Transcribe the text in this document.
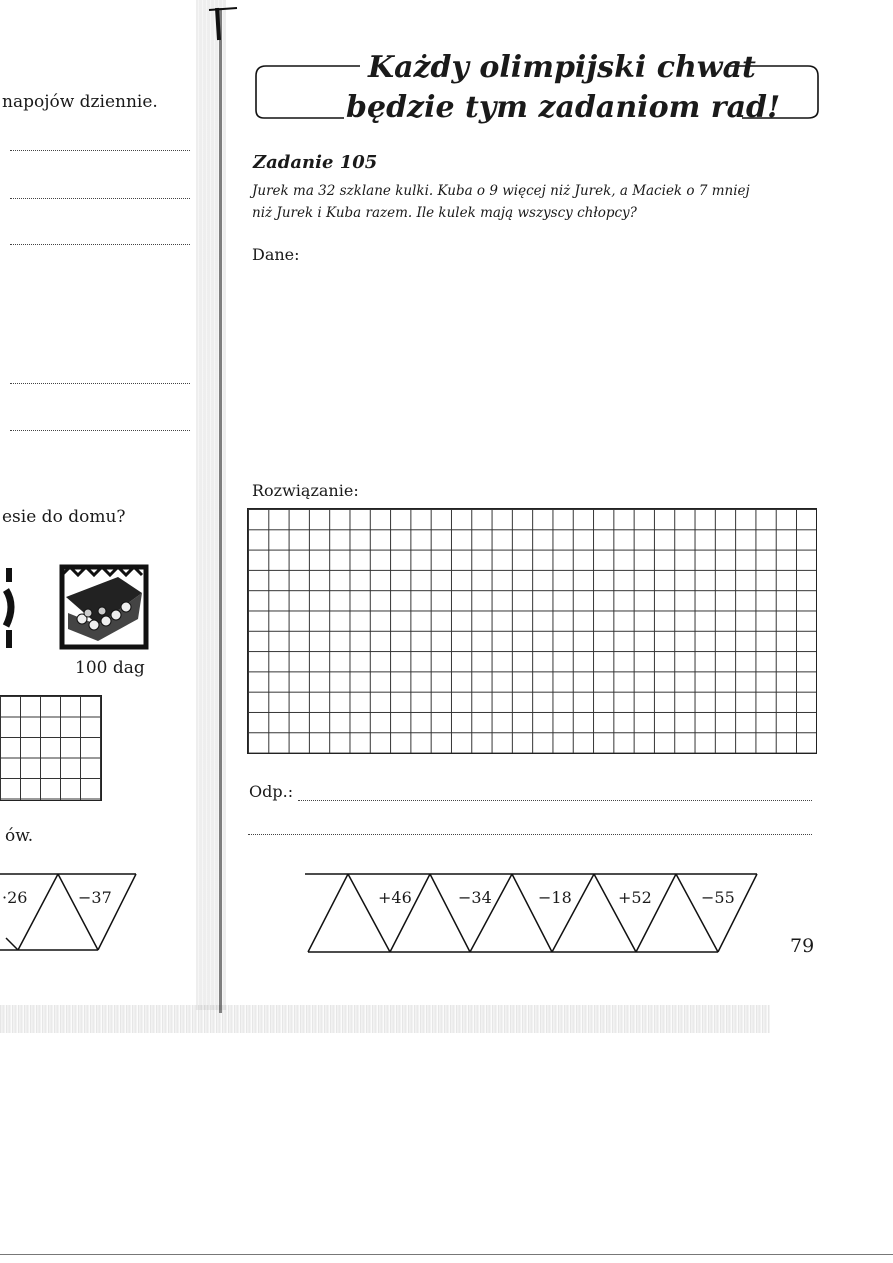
napojów dziennie.
esie do domu?
100 dag
ów.
·26	−37
Każdy olimpijski chwat
będzie tym zadaniom rad!
Zadanie 105
Jurek ma 32 szklane kulki. Kuba o 9 więcej niż Jurek, a Maciek o 7 mniej
niż Jurek i Kuba razem. Ile kulek mają wszyscy chłopcy?
Dane:
Rozwiązanie:
Odp.:
+46	−34	−18	+52	−55
79
